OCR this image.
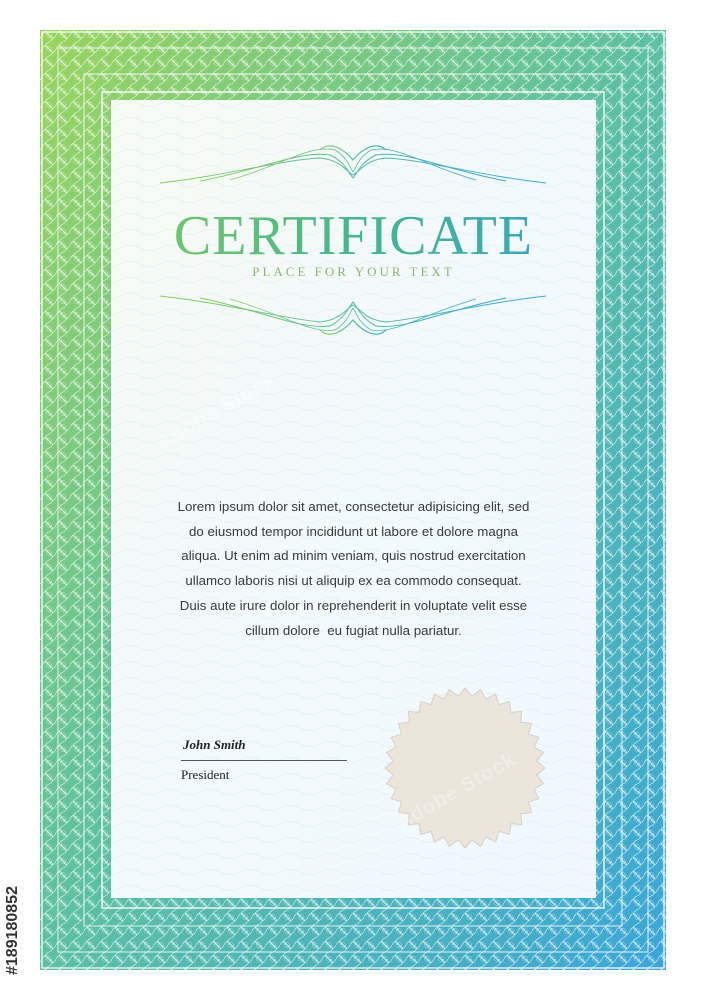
CERTIFICATE
PLACE FOR YOUR TEXT
Lorem ipsum dolor sit amet, consectetur adipisicing elit, sed
do eiusmod tempor incididunt ut labore et dolore magna
aliqua. Ut enim ad minim veniam, quis nostrud exercitation
ullamco laboris nisi ut aliquip ex ea commodo consequat.
Duis aute irure dolor in reprehenderit in voluptate velit esse
cillum dolore  eu fugiat nulla pariatur.
John Smith
President
Adobe Stock
Adobe Stock
#189180852
